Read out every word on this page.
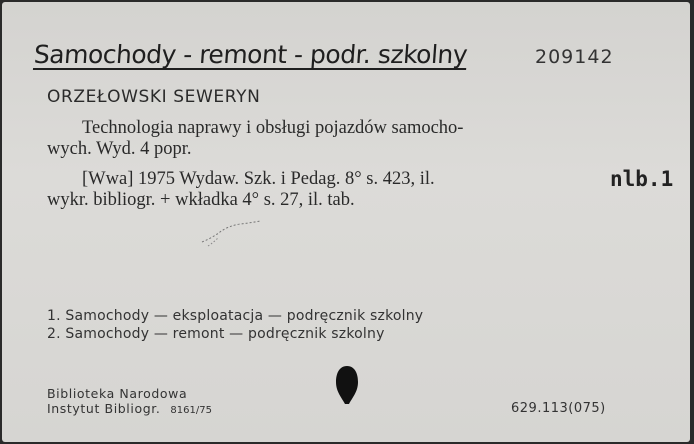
Samochody - remont - podr. szkolny	209142
ORZEŁOWSKI SEWERYN
Technologia naprawy i obsługi pojazdów samocho-
wych. Wyd. 4 popr.
[Wwa] 1975 Wydaw. Szk. i Pedag. 8° s. 423, il.
wykr. bibliogr. + wkładka 4° s. 27, il. tab.
nlb.1
1. Samochody — eksploatacja — podręcznik szkolny
2. Samochody — remont — podręcznik szkolny
Biblioteka Narodowa
Instytut Bibliogr. 8161/75	629.113(075)
